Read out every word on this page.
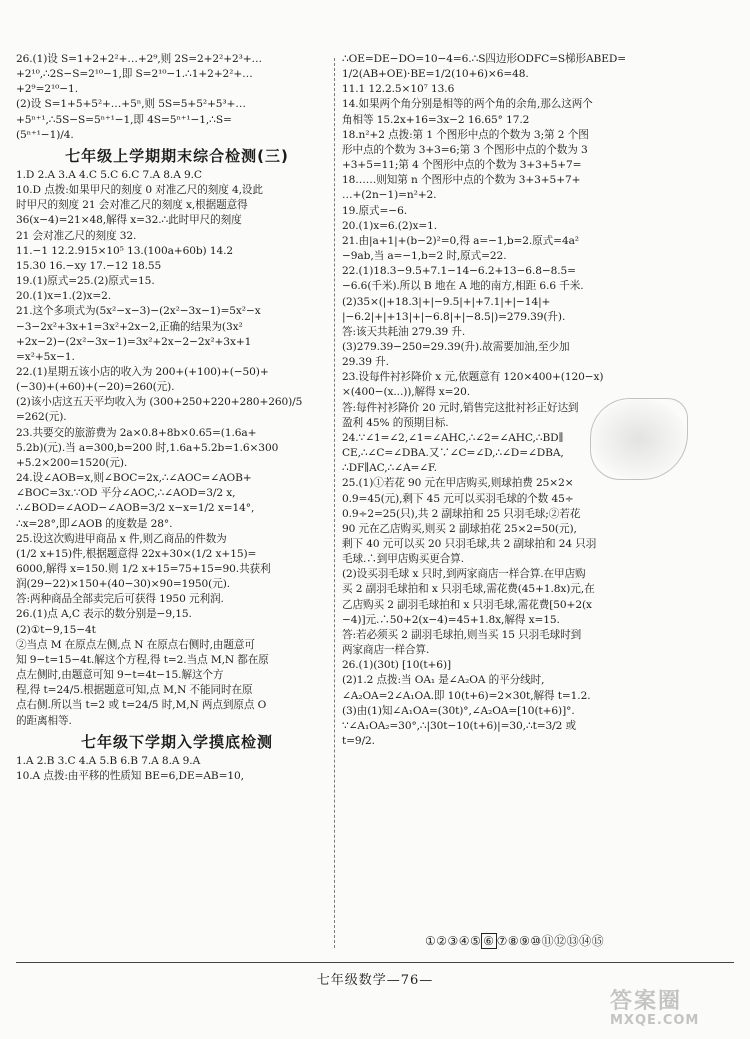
26.(1)设 S=1+2+2²+…+2⁹,则 2S=2+2²+2³+…
+2¹⁰,∴2S−S=2¹⁰−1,即 S=2¹⁰−1.∴1+2+2²+…
+2⁹=2¹⁰−1.
(2)设 S=1+5+5²+…+5ⁿ,则 5S=5+5²+5³+…
+5ⁿ⁺¹,∴5S−S=5ⁿ⁺¹−1,即 4S=5ⁿ⁺¹−1,∴S=
(5ⁿ⁺¹−1)/4.
七年级上学期期末综合检测(三)
1.D 2.A 3.A 4.C 5.C 6.C 7.A 8.A 9.C
10.D 点拨:如果甲尺的刻度 0 对准乙尺的刻度 4,设此
时甲尺的刻度 21 会对准乙尺的刻度 x,根据题意得
36(x−4)=21×48,解得 x=32.∴此时甲尺的刻度
21 会对准乙尺的刻度 32.
11.−1 12.2.915×10⁵ 13.(100a+60b) 14.2
15.30 16.−xy 17.−12 18.55
19.(1)原式=25.(2)原式=15.
20.(1)x=1.(2)x=2.
21.这个多项式为(5x²−x−3)−(2x²−3x−1)=5x²−x
−3−2x²+3x+1=3x²+2x−2,正确的结果为(3x²
+2x−2)−(2x²−3x−1)=3x²+2x−2−2x²+3x+1
=x²+5x−1.
22.(1)星期五该小店的收入为 200+(+100)+(−50)+
(−30)+(+60)+(−20)=260(元).
(2)该小店这五天平均收入为 (300+250+220+280+260)/5
=262(元).
23.共要交的旅游费为 2a×0.8+8b×0.65=(1.6a+
5.2b)(元).当 a=300,b=200 时,1.6a+5.2b=1.6×300
+5.2×200=1520(元).
24.设∠AOB=x,则∠BOC=2x,∴∠AOC=∠AOB+
∠BOC=3x.∵OD 平分∠AOC,∴∠AOD=3/2 x,
∴∠BOD=∠AOD−∠AOB=3/2 x−x=1/2 x=14°,
∴x=28°,即∠AOB 的度数是 28°.
25.设这次购进甲商品 x 件,则乙商品的件数为
(1/2 x+15)件,根据题意得 22x+30×(1/2 x+15)=
6000,解得 x=150.则 1/2 x+15=75+15=90.共获利
润(29−22)×150+(40−30)×90=1950(元).
答:两种商品全部卖完后可获得 1950 元利润.
26.(1)点 A,C 表示的数分别是−9,15.
(2)①t−9,15−4t
②当点 M 在原点左侧,点 N 在原点右侧时,由题意可
知 9−t=15−4t.解这个方程,得 t=2.当点 M,N 都在原
点左侧时,由题意可知 9−t=4t−15.解这个方
程,得 t=24/5.根据题意可知,点 M,N 不能同时在原
点右侧.所以当 t=2 或 t=24/5 时,M,N 两点到原点 O
的距离相等.
七年级下学期入学摸底检测
1.A 2.B 3.C 4.A 5.B 6.B 7.A 8.A 9.A
10.A 点拨:由平移的性质知 BE=6,DE=AB=10,
∴OE=DE−DO=10−4=6.∴S四边形ODFC=S梯形ABED=
1/2(AB+OE)·BE=1/2(10+6)×6=48.
11.1 12.2.5×10⁷ 13.6
14.如果两个角分别是相等的两个角的余角,那么这两个
角相等 15.2x+16=3x−2 16.65° 17.2
18.n²+2 点拨:第 1 个图形中点的个数为 3;第 2 个图
形中点的个数为 3+3=6;第 3 个图形中点的个数为 3
+3+5=11;第 4 个图形中点的个数为 3+3+5+7=
18……则知第 n 个图形中点的个数为 3+3+5+7+
…+(2n−1)=n²+2.
19.原式=−6.
20.(1)x=6.(2)x=1.
21.由|a+1|+(b−2)²=0,得 a=−1,b=2.原式=4a²
−9ab,当 a=−1,b=2 时,原式=22.
22.(1)18.3−9.5+7.1−14−6.2+13−6.8−8.5=
−6.6(千米).所以 B 地在 A 地的南方,相距 6.6 千米.
(2)35×(|+18.3|+|−9.5|+|+7.1|+|−14|+
|−6.2|+|+13|+|−6.8|+|−8.5|)=279.39(升).
答:该天共耗油 279.39 升.
(3)279.39−250=29.39(升).故需要加油,至少加
29.39 升.
23.设每件衬衫降价 x 元,依题意有 120×400+(120−x)
×(400−(x...)),解得 x=20.
答:每件衬衫降价 20 元时,销售完这批衬衫正好达到
盈利 45% 的预期目标.
24.∵∠1=∠2,∠1=∠AHC,∴∠2=∠AHC,∴BD∥
CE,∴∠C=∠DBA.又∵∠C=∠D,∴∠D=∠DBA,
∴DF∥AC,∴∠A=∠F.
25.(1)①若花 90 元在甲店购买,则球拍费 25×2×
0.9=45(元),剩下 45 元可以买羽毛球的个数 45÷
0.9÷2=25(只),共 2 副球拍和 25 只羽毛球;②若花
90 元在乙店购买,则买 2 副球拍花 25×2=50(元),
剩下 40 元可以买 20 只羽毛球,共 2 副球拍和 24 只羽
毛球.∴到甲店购买更合算.
(2)设买羽毛球 x 只时,到两家商店一样合算.在甲店购
买 2 副羽毛球拍和 x 只羽毛球,需花费(45+1.8x)元,在
乙店购买 2 副羽毛球拍和 x 只羽毛球,需花费[50+2(x
−4)]元.∴50+2(x−4)=45+1.8x,解得 x=15.
答:若必须买 2 副羽毛球拍,则当买 15 只羽毛球时到
两家商店一样合算.
26.(1)(30t) [10(t+6)]
(2)1.2 点拨:当 OA₁ 是∠A₂OA 的平分线时,
∠A₂OA=2∠A₁OA.即 10(t+6)=2×30t,解得 t=1.2.
(3)由(1)知∠A₁OA=(30t)°,∠A₂OA=[10(t+6)]°.
∵∠A₁OA₂=30°,∴|30t−10(t+6)|=30,∴t=3/2 或
t=9/2.
①②③④⑤ ⑥ ⑦⑧⑨⑩⑪⑫⑬⑭⑮
七年级数学—76—
答案圈
MXQE.COM
